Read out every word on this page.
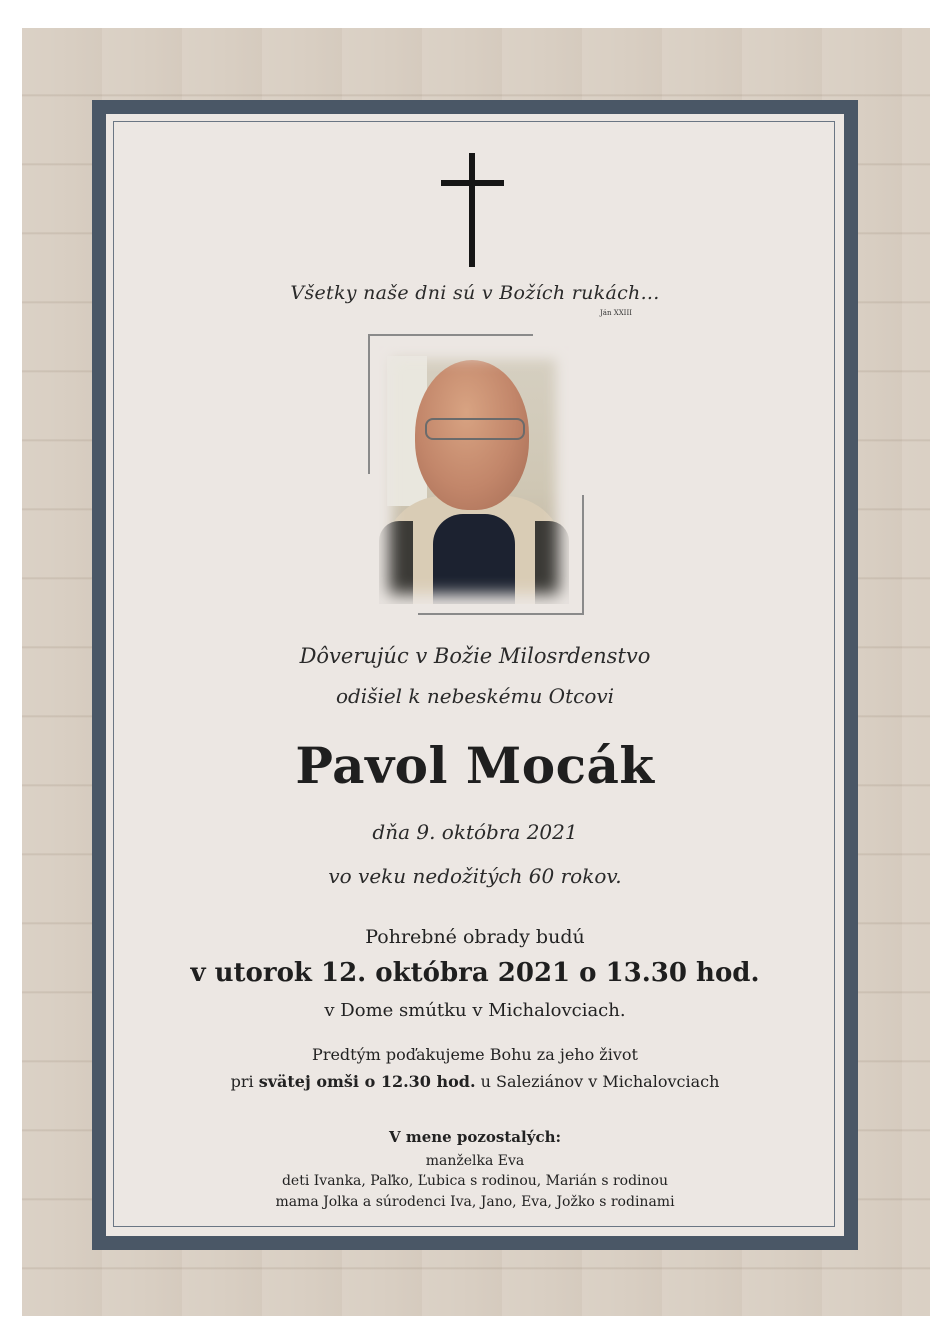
Všetky naše dni sú v Božích rukách...
Ján XXIII
Dôverujúc v Božie Milosrdenstvo
odišiel k nebeskému Otcovi
Pavol Mocák
dňa 9. októbra 2021
vo veku nedožitých 60 rokov.
Pohrebné obrady budú
v utorok 12. októbra 2021 o 13.30 hod.
v Dome smútku v Michalovciach.
Predtým poďakujeme Bohu za jeho život
pri svätej omši o 12.30 hod. u Saleziánov v Michalovciach
V mene pozostalých:
manželka Eva
deti Ivanka, Paľko, Ľubica s rodinou, Marián s rodinou
mama Jolka a súrodenci Iva, Jano, Eva, Jožko s rodinami
